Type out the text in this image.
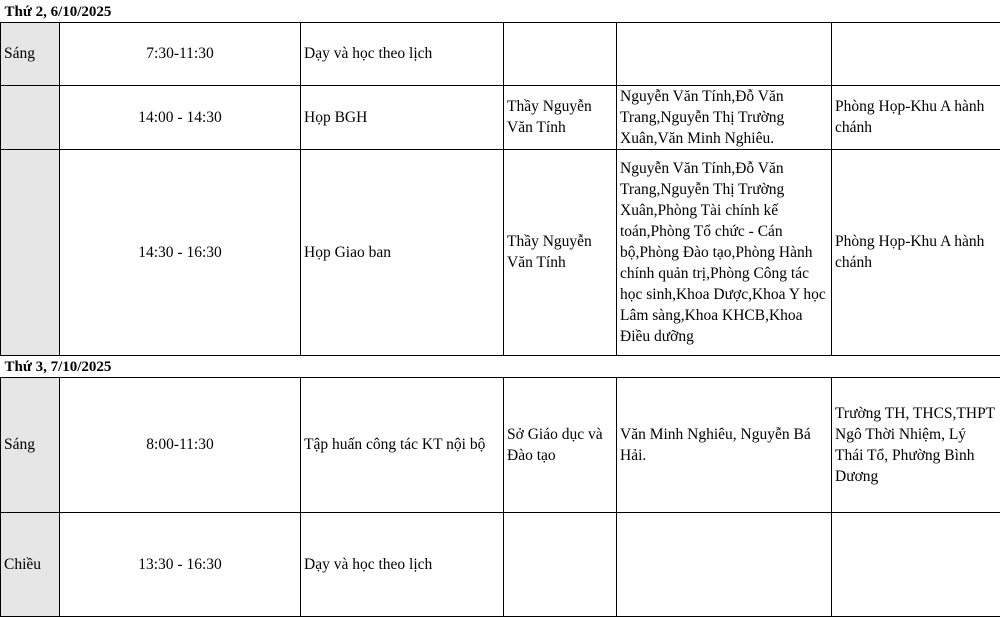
Thứ 2, 6/10/2025					
Sáng	7:30-11:30	Dạy và học theo lịch			
	14:00 - 14:30	Họp BGH	Thầy Nguyễn Văn Tính	Nguyễn Văn Tính,Đỗ Văn Trang,Nguyễn Thị Trường Xuân,Văn Minh Nghiêu.	Phòng Họp-Khu A hành chánh
	14:30 - 16:30	Họp Giao ban	Thầy Nguyễn Văn Tính	Nguyễn Văn Tính,Đỗ Văn Trang,Nguyễn Thị Trường Xuân,Phòng Tài chính kế toán,Phòng Tổ chức - Cán bộ,Phòng Đào tạo,Phòng Hành chính quản trị,Phòng Công tác học sinh,Khoa Dược,Khoa Y học Lâm sàng,Khoa KHCB,Khoa Điều dưỡng	Phòng Họp-Khu A hành chánh
Thứ 3, 7/10/2025					
Sáng	8:00-11:30	Tập huấn công tác KT nội bộ	Sở Giáo dục và Đào tạo	Văn Minh Nghiêu, Nguyễn Bá Hải.	Trường TH, THCS,THPT Ngô Thời Nhiệm, Lý Thái Tổ, Phường Bình Dương
Chiều	13:30 - 16:30	Dạy và học theo lịch			
